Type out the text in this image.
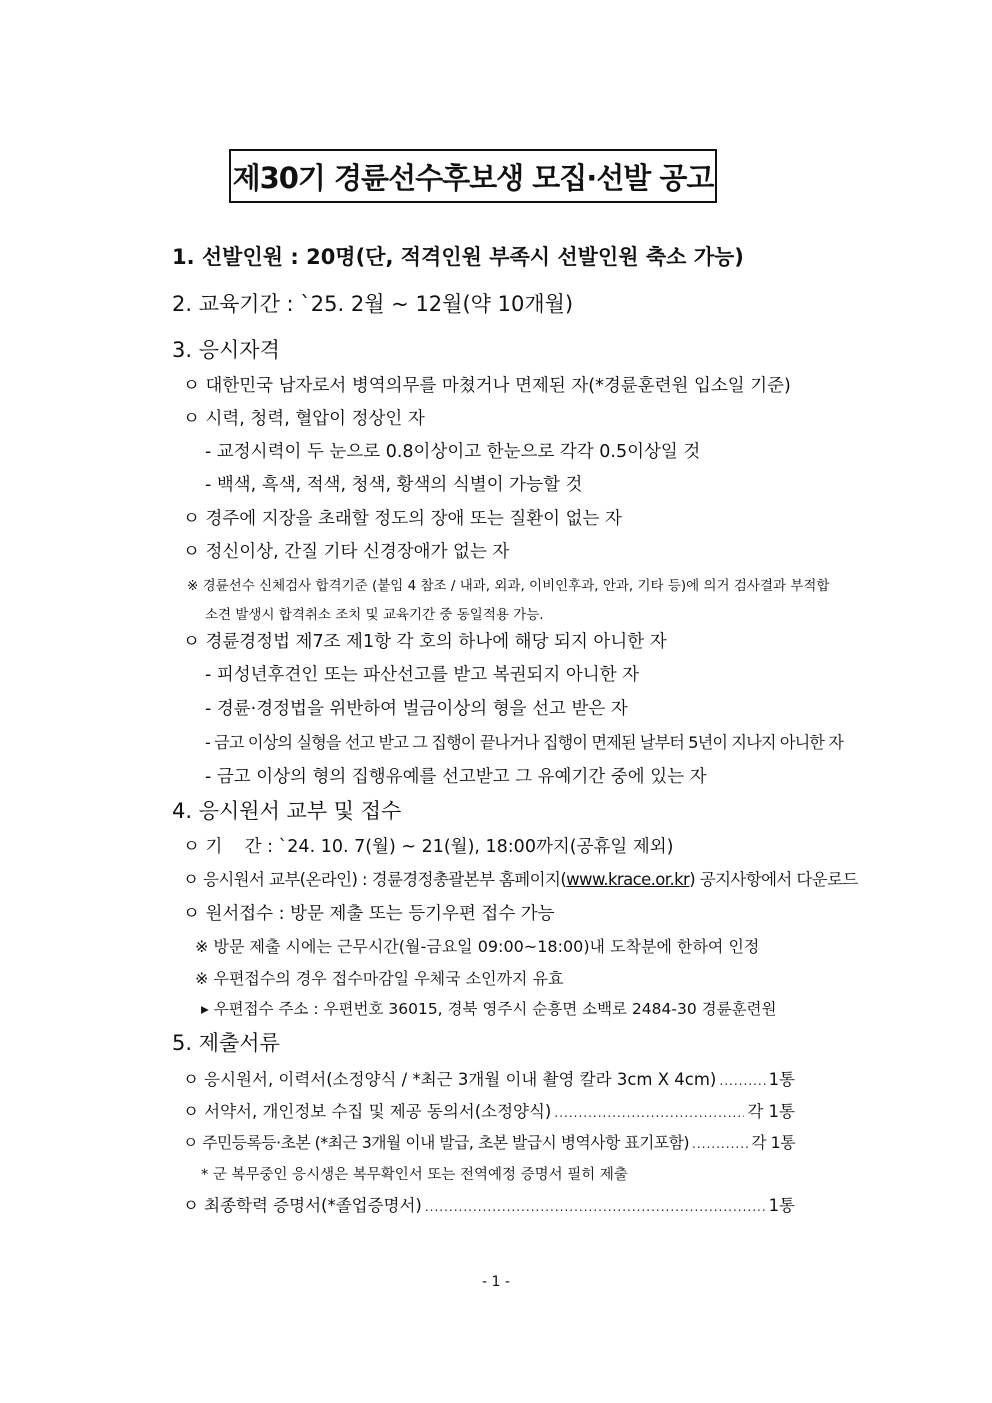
제30기 경륜선수후보생 모집·선발 공고
1. 선발인원 : 20명(단, 적격인원 부족시 선발인원 축소 가능)
2. 교육기간 : `25. 2월 ~ 12월(약 10개월)
3. 응시자격
ㅇ 대한민국 남자로서 병역의무를 마쳤거나 면제된 자(*경륜훈련원 입소일 기준)
ㅇ 시력, 청력, 혈압이 정상인 자
- 교정시력이 두 눈으로 0.8이상이고 한눈으로 각각 0.5이상일 것
- 백색, 흑색, 적색, 청색, 황색의 식별이 가능할 것
ㅇ 경주에 지장을 초래할 정도의 장애 또는 질환이 없는 자
ㅇ 정신이상, 간질 기타 신경장애가 없는 자
※ 경륜선수 신체검사 합격기준 (붙임 4 참조 / 내과, 외과, 이비인후과, 안과, 기타 등)에 의거 검사결과 부적합
소견 발생시 합격취소 조치 및 교육기간 중 동일적용 가능.
ㅇ 경륜경정법 제7조 제1항 각 호의 하나에 해당 되지 아니한 자
- 피성년후견인 또는 파산선고를 받고 복권되지 아니한 자
- 경륜·경정법을 위반하여 벌금이상의 형을 선고 받은 자
- 금고 이상의 실형을 선고 받고 그 집행이 끝나거나 집행이 면제된 날부터 5년이 지나지 아니한 자
- 금고 이상의 형의 집행유예를 선고받고 그 유예기간 중에 있는 자
4. 응시원서 교부 및 접수
ㅇ 기    간 : `24. 10. 7(월) ~ 21(월), 18:00까지(공휴일 제외)
ㅇ 응시원서 교부(온라인) : 경륜경정총괄본부 홈페이지(www.krace.or.kr) 공지사항에서 다운로드
ㅇ 원서접수 : 방문 제출 또는 등기우편 접수 가능
※ 방문 제출 시에는 근무시간(월-금요일 09:00~18:00)내 도착분에 한하여 인정
※ 우편접수의 경우 접수마감일 우체국 소인까지 유효
▸ 우편접수 주소 : 우편번호 36015, 경북 영주시 순흥면 소백로 2484-30 경륜훈련원
5. 제출서류
ㅇ 응시원서, 이력서(소정양식 / *최근 3개월 이내 촬영 칼라 3cm X 4cm) .....	1통
ㅇ 서약서, 개인정보 수집 및 제공 동의서(소정양식) .....	각 1통
ㅇ 주민등록등·초본 (*최근 3개월 이내 발급, 초본 발급시 병역사항 표기포함) .....	각 1통
* 군 복무중인 응시생은 복무확인서 또는 전역예정 증명서 필히 제출
ㅇ 최종학력 증명서(*졸업증명서) .....	1통
- 1 -
